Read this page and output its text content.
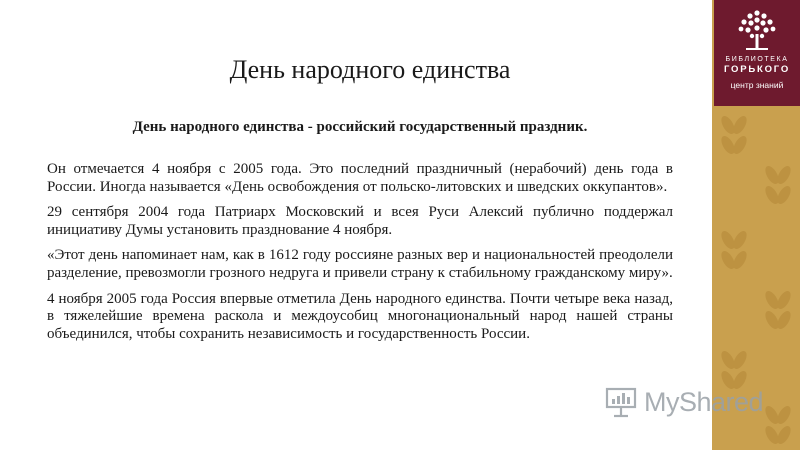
БИБЛИОТЕКА
ГОРЬКОГО
центр знаний
День народного единства
День народного единства - российский государственный праздник.

Он отмечается 4 ноября с 2005 года. Это последний праздничный (нерабочий) день года в России. Иногда называется «День освобождения от польско-литовских и шведских оккупантов».

29 сентября 2004 года Патриарх Московский и всея Руси Алексий публично поддержал инициативу Думы установить празднование 4 ноября.

«Этот день напоминает нам, как в 1612 году россияне разных вер и национальностей преодолели разделение, превозмогли грозного недруга и привели страну к стабильному гражданскому миру».

4 ноября 2005 года Россия впервые отметила День народного единства. Почти четыре века назад, в тяжелейшие времена раскола и междоусобиц многонациональный народ нашей страны объединился, чтобы сохранить независимость и государственность России.

MyShared
